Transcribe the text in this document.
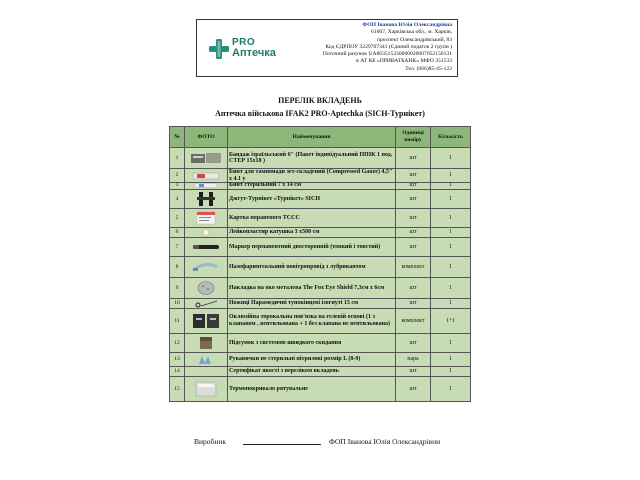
PRO
Аптечка
ФОП Іванова Юлія Олександрівна
61007, Харківська обл., м. Харків,
проспект Олександрівський, 83
Код ЄДРПОУ 3229707341 (Єдиний податок 2 групи )
Поточний рахунок UA863515330000026007052150131
в АТ КБ «ПРИВАТБАНК» МФО 351533
Тел. (066)85-45-122
ПЕРЕЛІК ВКЛАДЕНЬ
Аптечка військова IFAK2 PRO-Aptechka (SICH-Турнікет)
№	ФОТО	Найменування	Одиниці виміру	Кількість
1		Бандаж ізраїльський 6" (Пакет індивідуальний ППІК 1 под. СТЕР 15х18 )	шт	1
2		Бинт для тампонади зет-складений (Compressed Gauze) 4,5" x 4.1 y	шт	1
3		Бинт стерильний 7 х 14 см	шт	1
4		Джгут-Турнікет «Турнікет» SICH	шт	1
5		Картка пораненого TCCC	шт	1
6		Лейкопластир катушка 3 х500 см	шт	1
7		Маркер перманентний двосторонній (тонкий і товстий)	шт	1
8		Назофарингеальний повітропровід з лубрикантом	комплект	1
9		Накладка на око металева The Fox Eye Shield 7,3см х 6см	шт	1
10		Ножиці Парамедичні тупокінцеві ізогнуті 15 см	шт	1
11		Оклюзійна торокальна пов'язка на гелевій основі (1 з клапаном , вентильована + 1 без клапана не вентильована)	комплект	1+1
12		Підсумок з системою швидкого скидання	шт	1
13		Рукавички не стерильні нітрилові розмір L (8-9)	пара	1
14		Сертифікат якості з переліком вкладень	шт	1
15		Термопокривало рятувальне	шт	1
Виробник	ФОП Іванова Юлія Олександрівни
